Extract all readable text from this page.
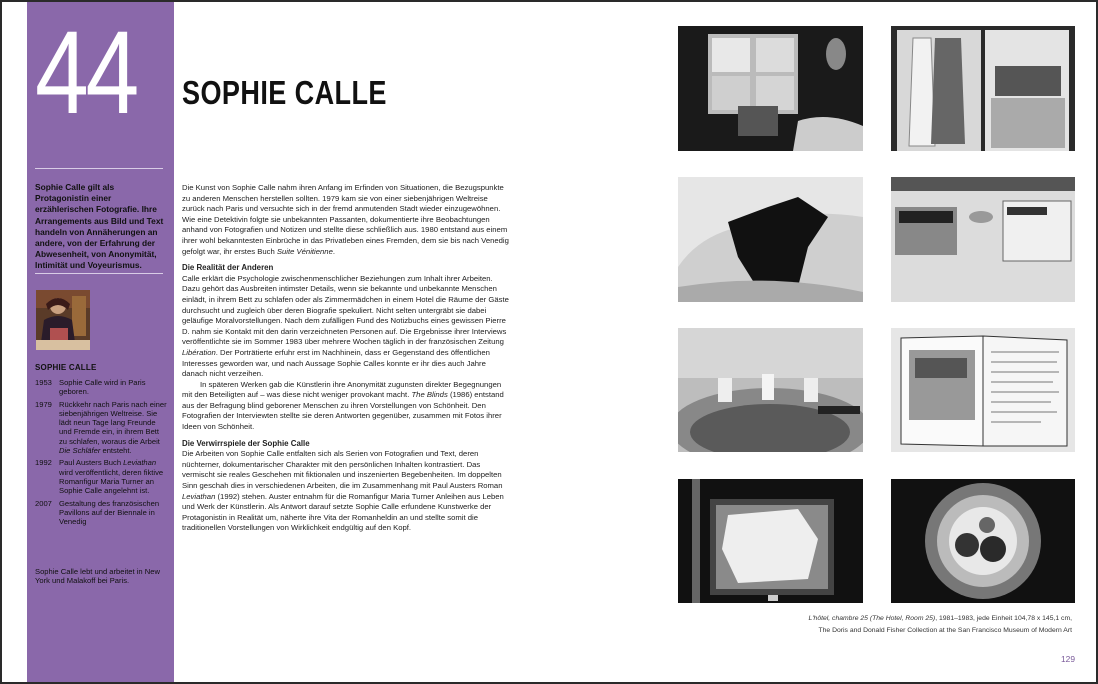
44
Sophie Calle gilt als Protagonistin einer erzählerischen Fotografie. Ihre Arrangements aus Bild und Text handeln von Annäherungen an andere, von der Erfahrung der Abwesenheit, von Anonymität, Intimität und Voyeurismus.
SOPHIE CALLE
1953 Sophie Calle wird in Paris geboren.
1979 Rückkehr nach Paris nach einer siebenjährigen Weltreise. Sie lädt neun Tage lang Freunde und Fremde ein, in ihrem Bett zu schlafen, woraus die Arbeit Die Schläfer entsteht.
1992 Paul Austers Buch Leviathan wird veröffentlicht, deren fiktive Romanfigur Maria Turner an Sophie Calle angelehnt ist.
2007 Gestaltung des französischen Pavillons auf der Biennale in Venedig
Sophie Calle lebt und arbeitet in New York und Malakoff bei Paris.
SOPHIE CALLE

Die Kunst von Sophie Calle nahm ihren Anfang im Erfinden von Situationen, die Bezugspunkte zu anderen Menschen herstellen sollten. 1979 kam sie von einer siebenjährigen Weltreise zurück nach Paris und versuchte sich in der fremd anmutenden Stadt wieder einzugewöhnen. Wie eine Detektivin folgte sie unbekannten Passanten, dokumentierte ihre Beobachtungen anhand von Fotografien und Notizen und stellte diese schließlich aus. 1980 entstand aus einem ihrer wohl bekanntesten Einbrüche in das Privatleben eines Fremden, dem sie bis nach Venedig gefolgt war, ihr erstes Buch Suite Vénitienne.

Die Realität der Anderen

Calle erklärt die Psychologie zwischenmenschlicher Beziehungen zum Inhalt ihrer Arbeiten. Dazu gehört das Ausbreiten intimster Details, wenn sie bekannte und unbekannte Menschen einlädt, in ihrem Bett zu schlafen oder als Zimmermädchen in einem Hotel die Räume der Gäste durchsucht und zugleich über deren Biografie spekuliert. Nicht selten untergräbt sie dabei geläufige Moralvorstellungen. Nach dem zufälligen Fund des Notizbuchs eines gewissen Pierre D. nahm sie Kontakt mit den darin verzeichneten Personen auf. Die Ergebnisse ihrer Interviews veröffentlichte sie im Sommer 1983 über mehrere Wochen täglich in der französischen Zeitung Libération. Der Porträtierte erfuhr erst im Nachhinein, dass er Gegenstand des öffentlichen Interesses geworden war, und nach Aussage Sophie Calles konnte er ihr dies auch Jahre danach nicht verzeihen.

In späteren Werken gab die Künstlerin ihre Anonymität zugunsten direkter Begegnungen mit den Beteiligten auf – was diese nicht weniger provokant macht. The Blinds (1986) entstand aus der Befragung blind geborener Menschen zu ihren Vorstellungen von Schönheit. Den Fotografien der Interviewten stellte sie deren Antworten gegenüber, zusammen mit Fotos ihrer Ideen von Schönheit.

Die Verwirrspiele der Sophie Calle

Die Arbeiten von Sophie Calle entfalten sich als Serien von Fotografien und Text, deren nüchterner, dokumentarischer Charakter mit den persönlichen Inhalten kontrastiert. Das vermischt sie reales Geschehen mit fiktionalen und inszenierten Begebenheiten. Im doppelten Sinn geschah dies in verschiedenen Arbeiten, die im Zusammenhang mit Paul Austers Roman Leviathan (1992) stehen. Auster entnahm für die Romanfigur Maria Turner Anleihen aus Leben und Werk der Künstlerin. Als Antwort darauf setzte Sophie Calle erfundene Kunstwerke der Protagonistin in Realität um, näherte ihre Vita der Romanheldin an und stellte somit die traditionellen Vorstellungen von Wirklichkeit endgültig auf den Kopf.

L'hôtel, chambre 25 (The Hotel, Room 25), 1981–1983, jede Einheit 104,78 x 145,1 cm,
The Doris and Donald Fisher Collection at the San Francisco Museum of Modern Art
129
